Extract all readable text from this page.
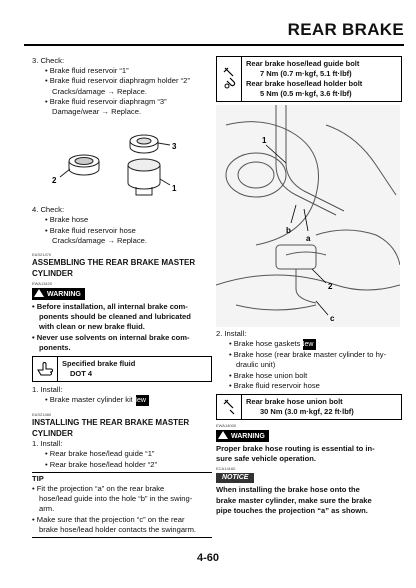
REAR BRAKE
3. Check:
• Brake fluid reservoir “1”
• Brake fluid reservoir diaphragm holder “2”
Cracks/damage → Replace.
• Brake fluid reservoir diaphragm “3”
Damage/wear → Replace.
3
2
1
4. Check:
• Brake hose
• Brake fluid reservoir hose
Cracks/damage → Replace.
EAS21470
ASSEMBLING THE REAR BRAKE MASTER
CYLINDER
EWA13420
WARNING
• Before installation, all internal brake com-
ponents should be cleaned and lubricated
with clean or new brake fluid.
• Never use solvents on internal brake com-
ponents.
Specified brake fluid
DOT 4
1. Install:
• Brake master cylinder kitNew
EAS21480
INSTALLING THE REAR BRAKE MASTER
CYLINDER
1. Install:
• Rear brake hose/lead guide “1”
• Rear brake hose/lead holder “2”
TIP
• Fit the projection “a” on the rear brake
hose/lead guide into the hole “b” in the swing-
arm.
• Make sure that the projection “c” on the rear
brake hose/lead holder contacts the swingarm.
Rear brake hose/lead guide bolt
7 Nm (0.7 m·kgf, 5.1 ft·lbf)
Rear brake hose/lead holder bolt
5 Nm (0.5 m·kgf, 3.6 ft·lbf)
1
b
a
2
c
2. Install:
• Brake hose gasketsNew
• Brake hose (rear brake master cylinder to hy-
draulic unit)
• Brake hose union bolt
• Brake fluid reservoir hose
Rear brake hose union bolt
30 Nm (3.0 m·kgf, 22 ft·lbf)
EWA14000
WARNING
Proper brake hose routing is essential to in-
sure safe vehicle operation.
ECA14160
NOTICE
When installing the brake hose onto the
brake master cylinder, make sure the brake
pipe touches the projection “a” as shown.
4-60
